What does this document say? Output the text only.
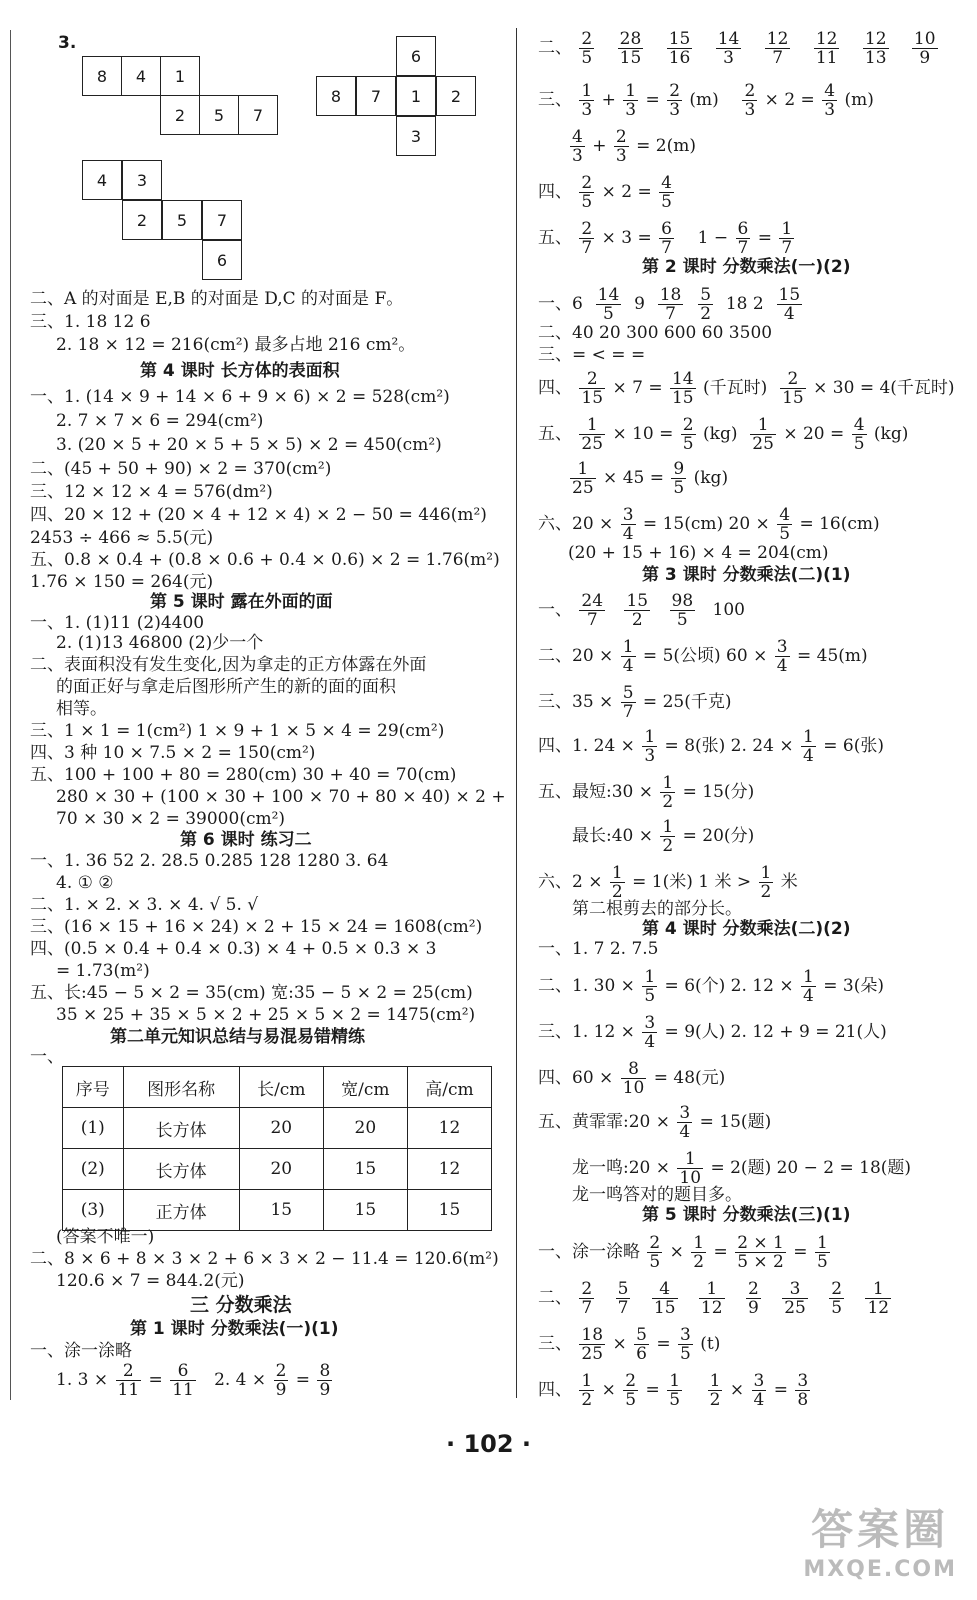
3.
8	4	1
2	5	7
6
8	7	1	2
3
4	3
2	5	7
6
二、A 的对面是 E,B 的对面是 D,C 的对面是 F。
三、1. 18 12 6
2. 18 × 12 = 216(cm²) 最多占地 216 cm²。
第 4 课时 长方体的表面积
一、1. (14 × 9 + 14 × 6 + 9 × 6) × 2 = 528(cm²)
2. 7 × 7 × 6 = 294(cm²)
3. (20 × 5 + 20 × 5 + 5 × 5) × 2 = 450(cm²)
二、(45 + 50 + 90) × 2 = 370(cm²)
三、12 × 12 × 4 = 576(dm²)
四、20 × 12 + (20 × 4 + 12 × 4) × 2 − 50 = 446(m²)
2453 ÷ 466 ≈ 5.5(元)
五、0.8 × 0.4 + (0.8 × 0.6 + 0.4 × 0.6) × 2 = 1.76(m²)
1.76 × 150 = 264(元)
第 5 课时 露在外面的面
一、1. (1)11 (2)4400
2. (1)13 46800 (2)少一个
二、表面积没有发生变化,因为拿走的正方体露在外面
的面正好与拿走后图形所产生的新的面的面积
相等。
三、1 × 1 = 1(cm²) 1 × 9 + 1 × 5 × 4 = 29(cm²)
四、3 种 10 × 7.5 × 2 = 150(cm²)
五、100 + 100 + 80 = 280(cm) 30 + 40 = 70(cm)
280 × 30 + (100 × 30 + 100 × 70 + 80 × 40) × 2 +
70 × 30 × 2 = 39000(cm²)
第 6 课时 练习二
一、1. 36 52 2. 28.5 0.285 128 1280 3. 64
4. ① ②
二、1. × 2. × 3. × 4. √ 5. √
三、(16 × 15 + 16 × 24) × 2 + 15 × 24 = 1608(cm²)
四、(0.5 × 0.4 + 0.4 × 0.3) × 4 + 0.5 × 0.3 × 3
= 1.73(m²)
五、长:45 − 5 × 2 = 35(cm) 宽:35 − 5 × 2 = 25(cm)
35 × 25 + 35 × 5 × 2 + 25 × 5 × 2 = 1475(cm²)
第二单元知识总结与易混易错精练
一、
序号	图形名称	长/cm	宽/cm	高/cm
(1)	长方体	20	20	12
(2)	长方体	20	15	12
(3)	正方体	15	15	15
(答案不唯一)
二、8 × 6 + 8 × 3 × 2 + 6 × 3 × 2 − 11.4 = 120.6(m²)
120.6 × 7 = 844.2(元)
三 分数乘法
第 1 课时 分数乘法(一)(1)
一、涂一涂略
1. $3 \times \frac{2}{11} = \frac{6}{11} 2$. $4 \times \frac{2}{9} = \frac{8}{9}$
二、 $\frac{2}{5}$
$\frac{28}{15}$
$\frac{15}{16}$
$\frac{14}{3}$
$\frac{12}{7}$
$\frac{12}{11}$
$\frac{12}{13}$
$\frac{10}{9}$
三、 $\frac{1}{3} + \frac{1}{3} = \frac{2}{3} (m) \frac{2}{3} \times 2 = \frac{4}{3} (m)$
$\frac{4}{3} + \frac{2}{3} = 2(m)$
四、 $\frac{2}{5} \times 2 = \frac{4}{5}$
五、 $\frac{2}{7} \times 3 = \frac{6}{7} 1 - \frac{6}{7} = \frac{1}{7}$
第 2 课时 分数乘法(一)(2)
一、$6 \frac{14}{5} 9 \frac{18}{7}$
$\frac{5}{2} 18$ $2 \frac{15}{4}$
二、40 20 300 600 60 3500
三、= < = =
四、 $\frac{2}{15} \times 7 = \frac{14}{15}$ (千瓦时) $\frac{2}{15} \times 30 = 4$(千瓦时)
五、 $\frac{1}{25} \times 10 = \frac{2}{5} (kg) \frac{1}{25} \times 20 = \frac{4}{5} (kg)$
$\frac{1}{25} \times 45 = \frac{9}{5} (kg)$
六、$20 \times \frac{3}{4} = 15(cm) 20 \times \frac{4}{5} = 16(cm)$
(20 + 15 + 16) × 4 = 204(cm)
第 3 课时 分数乘法(二)(1)
一、 $\frac{24}{7}$
$\frac{15}{2}$
$\frac{98}{5} 100$
二、$20 \times \frac{1}{4} = 5$(公顷) $60 \times \frac{3}{4} = 45(m)$
三、$35 \times \frac{5}{7} = 25$(千克)
四、1. $24 \times \frac{1}{3} = 8$(张) 2. $24 \times \frac{1}{4} = 6$(张)
五、最短:30 × $\frac{1}{2} = 15$(分)
最长:40 × $\frac{1}{2} = 20$(分)
六、$2 \times \frac{1}{2} = 1$(米) 1 米 > $\frac{1}{2}$ 米
第二根剪去的部分长。
第 4 课时 分数乘法(二)(2)
一、1. 7 2. 7.5
二、1. $30 \times \frac{1}{5} = 6$(个) 2. $12 \times \frac{1}{4} = 3$(朵)
三、1. $12 \times \frac{3}{4} = 9$(人) 2. 12 + 9 = 21(人)
四、$60 \times \frac{8}{10} = 48$(元)
五、黄霏霏:20 × $\frac{3}{4} = 15$(题)
龙一鸣:20 × $\frac{1}{10} = 2$(题) 20 − 2 = 18(题)
龙一鸣答对的题目多。
第 5 课时 分数乘法(三)(1)
一、涂一涂略 $\frac{2}{5} \times \frac{1}{2} = \frac{2 \times 1}{5 \times 2} = \frac{1}{5}$
二、 $\frac{2}{7}$
$\frac{5}{7}$
$\frac{4}{15}$
$\frac{1}{12}$
$\frac{2}{9}$
$\frac{3}{25}$
$\frac{2}{5}$
$\frac{1}{12}$
三、 $\frac{18}{25} \times \frac{5}{6} = \frac{3}{5} (t)$
四、 $\frac{1}{2} \times \frac{2}{5} = \frac{1}{5}$
$\frac{1}{2} \times \frac{3}{4} = \frac{3}{8}$
· 102 ·
答案圈
MXQE.COM
